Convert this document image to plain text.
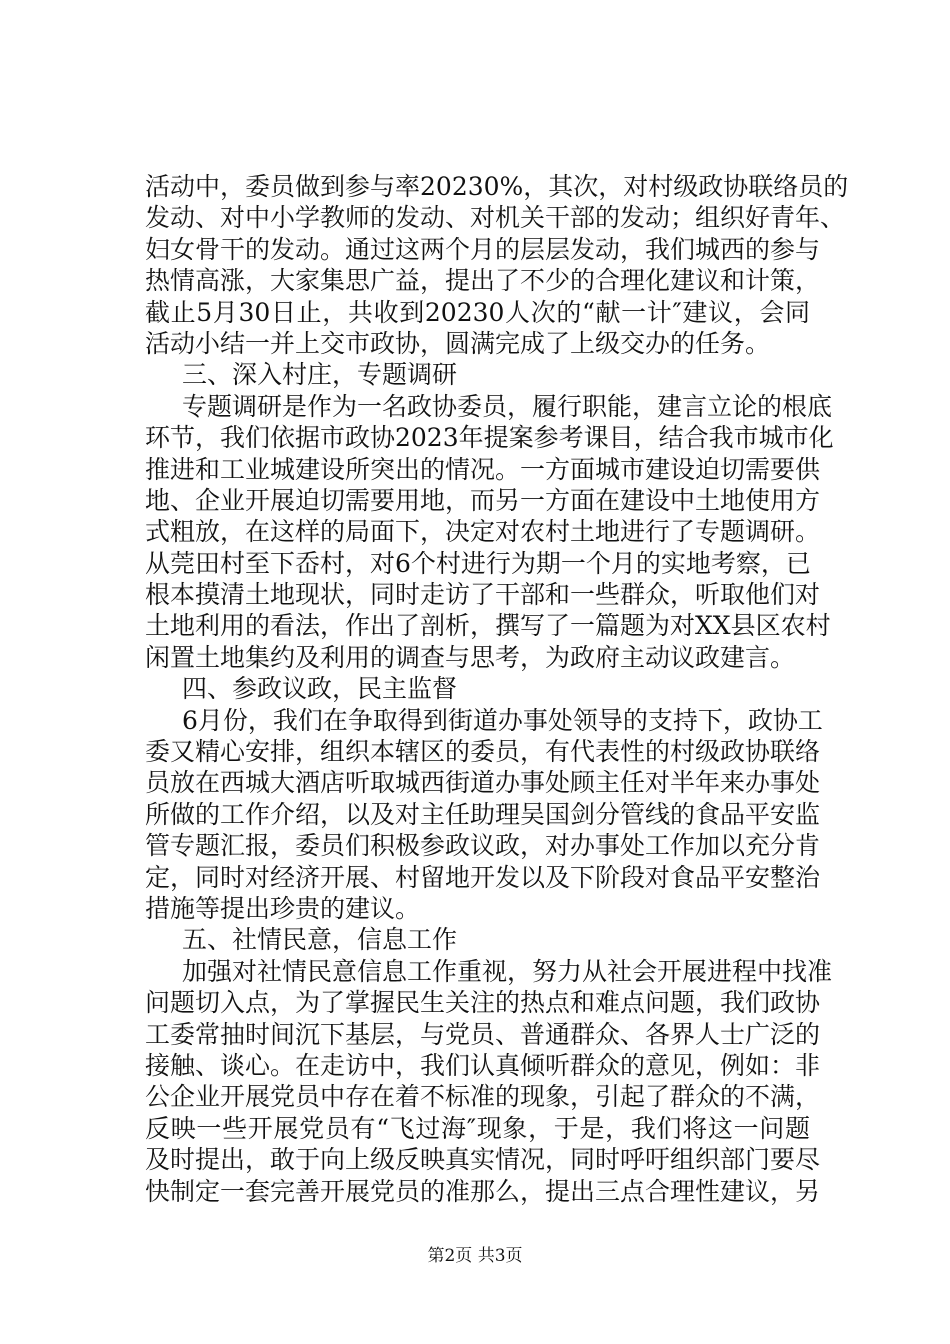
活动中，委员做到参与率20230%，其次，对村级政协联络员的
发动、对中小学教师的发动、对机关干部的发动；组织好青年、
妇女骨干的发动。通过这两个月的层层发动，我们城西的参与
热情高涨，大家集思广益，提出了不少的合理化建议和计策，
截止5月30日止，共收到20230人次的“献一计″建议，会同
活动小结一并上交市政协，圆满完成了上级交办的任务。
三、深入村庄，专题调研
专题调研是作为一名政协委员，履行职能，建言立论的根底
环节，我们依据市政协2023年提案参考课目，结合我市城市化
推进和工业城建设所突出的情况。一方面城市建设迫切需要供
地、企业开展迫切需要用地，而另一方面在建设中土地使用方
式粗放，在这样的局面下，决定对农村土地进行了专题调研。
从莞田村至下岙村，对6个村进行为期一个月的实地考察，已
根本摸清土地现状，同时走访了干部和一些群众，听取他们对
土地利用的看法，作出了剖析，撰写了一篇题为对XX县区农村
闲置土地集约及利用的调查与思考，为政府主动议政建言。
四、参政议政，民主监督
6月份，我们在争取得到街道办事处领导的支持下，政协工
委又精心安排，组织本辖区的委员，有代表性的村级政协联络
员放在西城大酒店听取城西街道办事处顾主任对半年来办事处
所做的工作介绍，以及对主任助理吴国剑分管线的食品平安监
管专题汇报，委员们积极参政议政，对办事处工作加以充分肯
定，同时对经济开展、村留地开发以及下阶段对食品平安整治
措施等提出珍贵的建议。
五、社情民意，信息工作
加强对社情民意信息工作重视，努力从社会开展进程中找准
问题切入点，为了掌握民生关注的热点和难点问题，我们政协
工委常抽时间沉下基层，与党员、普通群众、各界人士广泛的
接触、谈心。在走访中，我们认真倾听群众的意见，例如：非
公企业开展党员中存在着不标准的现象，引起了群众的不满，
反映一些开展党员有“飞过海″现象，于是，我们将这一问题
及时提出，敢于向上级反映真实情况，同时呼吁组织部门要尽
快制定一套完善开展党员的准那么，提出三点合理性建议，另
第2页 共3页
